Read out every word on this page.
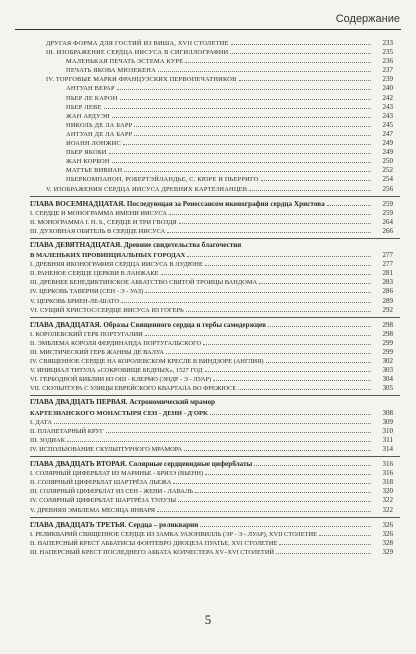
Содержание
ДРУГАЯ ФОРМА ДЛЯ ГОСТИЙ ИЗ ВИША, XVII СТОЛЕТИЕ	233
III. ИЗОБРАЖЕНИЕ СЕРДЦА ИИСУСА В СИГИЛЛОГРАФИИ	235
МАЛЕНЬКАЯ ПЕЧАТЬ ЭСТЕМА КУРЕ	236
ПЕЧАТЬ ЯКОВА МЮЗЕКЕНА	237
IV. ТОРГОВЫЕ МАРКИ ФРАНЦУЗСКИХ ПЕРВОПЕЧАТНИКОВ	239
АНТУАН ВЕРАР	240
ПЬЕР ЛЕ КАРОН	242
ПЬЕР ЛЕВЕ	243
ЖАН АРДУЭН	243
НИКОЛЬ ДЕ ЛА БАРР	245
АНТУАН ДЕ ЛА БАРР	247
ИОАНН ЛОНЖИС	249
ПЬЕР ЯКОБИ	249
ЖАН КОРБОН	250
МАТТЬЕ ВИВИАН	252
ПЬЕРКОМПАНОН, РОБЕРТЭЙЛАНДЬЕ, С. КЮРЕ И ПЬЕРРИГО	254
V. ИЗОБРАЖЕНИЯ СЕРДЦА ИИСУСА ДРЕВНИХ КАРТЕЗИАНЦЕВ	256
ГЛАВА ВОСЕМНАДЦАТАЯ. Последующая за Ренессансом иконография сердца Христова	259
I. СЕРДЦЕ И МОНОГРАММА ИМЕНИ ИИСУСА	259
II. МОНОГРАММА I. H. S., СЕРДЦЕ И ТРИ ГВОЗДЯ	264
III. ДУХОВНАЯ ОБИТЕЛЬ В СЕРДЦЕ ИИСУСА	266
ГЛАВА ДЕВЯТНАДЦАТАЯ. Древние свидетельства благочестия
В МАЛЕНЬКИХ ПРОВИНЦИАЛЬНЫХ ГОРОДАХ	277
I. ДРЕВНЯЯ ИКОНОГРАФИЯ СЕРДЦА ИИСУСА В ЛУДЮНЕ	277
II. РАНЕНОЕ СЕРДЦЕ ЦЕРКВИ В ЛАНЖАКЕ	281
III. ДРЕВНЕЕ БЕНЕДИКТИНСКОЕ АББАТСТВО СВЯТОЙ ТРОИЦЫ ВАНДОМА	283
IV. ЦЕРКОВЬ ТАВЕРНИ (СЕН - Э - УАЗ)	286
V. ЦЕРКОВЬ БРИЕН-ЛЕ-ШАТО	289
VI. СУЩИЙ ХРИСТОС/СЕРДЦЕ ИИСУСА ИЗ ГОГЕРЬ	292
ГЛАВА ДВАДЦАТАЯ. Образы Священного сердца и гербы самодержцев	298
I. КОРОЛЕВСКИЙ ГЕРБ ПОРТУГАЛИИ	298
II. ЭМБЛЕМА КОРОЛЯ ФЕРДИНАНДА ПОРТУГАЛЬСКОГО	299
III. МИСТИЧЕСКИЙ ГЕРБ ЖАННЫ ДЕ ВАЛУА	299
IV. СВЯЩЕННОЕ СЕРДЦЕ НА КОРОЛЕВСКОМ КРЕСЛЕ В ВИНДЗОРЕ (АНГЛИЯ)	302
V. ИНИЦИАЛ ТИТУЛА «СОКРОВИЩЕ БЕДНЫХ», 1527 ГОД	303
VI. ГЕРБОДНОЙ БИБЛИИ ИЗ ОШ - КЛЕРМО (ЭНДР - Э - ЛУАР)	304
VII. СКУЛЬПТУРА С УЛИЦЫ ЕВРЕЙСКОГО КВАРТАЛА ВО ФРЕЖЮСЕ	305
ГЛАВА ДВАДЦАТЬ ПЕРВАЯ. Астрономический мрамор
КАРТЕЗИАНСКОГО МОНАСТЫРЯ СЕН - ДЕНИ - Д'ОРК	308
I. ДАТА	309
II. ПЛАНЕТАРНЫЙ КРУГ	310
III. ЗОДИАК	311
IV. ИСПОЛЬЗОВАНИЕ СКУЛЬПТУРНОГО МРАМОРА	314
ГЛАВА ДВАДЦАТЬ ВТОРАЯ. Солярные сердцевидные циферблаты	316
I. СОЛЯРНЫЙ ЦИФЕРБЛАТ ИЗ МАРИНЬЕ - БРИЗЭ (ВЬЕНН)	316
II. СОЛЯРНЫЙ ЦИФЕРБЛАТ ШАРТРЁЗА ЛЬЕЖА	318
III. СОЛЯРНЫЙ ЦИФЕРБЛАТ ИЗ СЕН - ЖЕНИ - ЛАВАЛЬ	320
IV. СОЛЯРНЫЙ ЦИФЕРБЛАТ ШАРТРЁЗА ТУЛУЗЫ	322
V. ДРЕВНЯЯ ЭМБЛЕМА МЕСЯЦА ЯНВАРЯ	322
ГЛАВА ДВАДЦАТЬ ТРЕТЬЯ. Сердца – реликварии	326
I. РЕЛИКВАРИЙ СВЯЩЕННОЕ СЕРДЦЕ ИЗ ЗАМКА УАЗОНВИЛЛЬ (ЭР - Э - ЛУАР), XVII СТОЛЕТИЕ	326
II. НАПЕРСНЫЙ КРЕСТ АББАТИСЫ ФОНТЕВРО ДИОЦЕЗА ПУАТЬЕ, XVI СТОЛЕТИЕ	328
III. НАПЕРСНЫЙ КРЕСТ ПОСЛЕДНЕГО АББАТА КОЛЧЕСТЕРА XV–XVI СТОЛЕТИЙ	329
5
